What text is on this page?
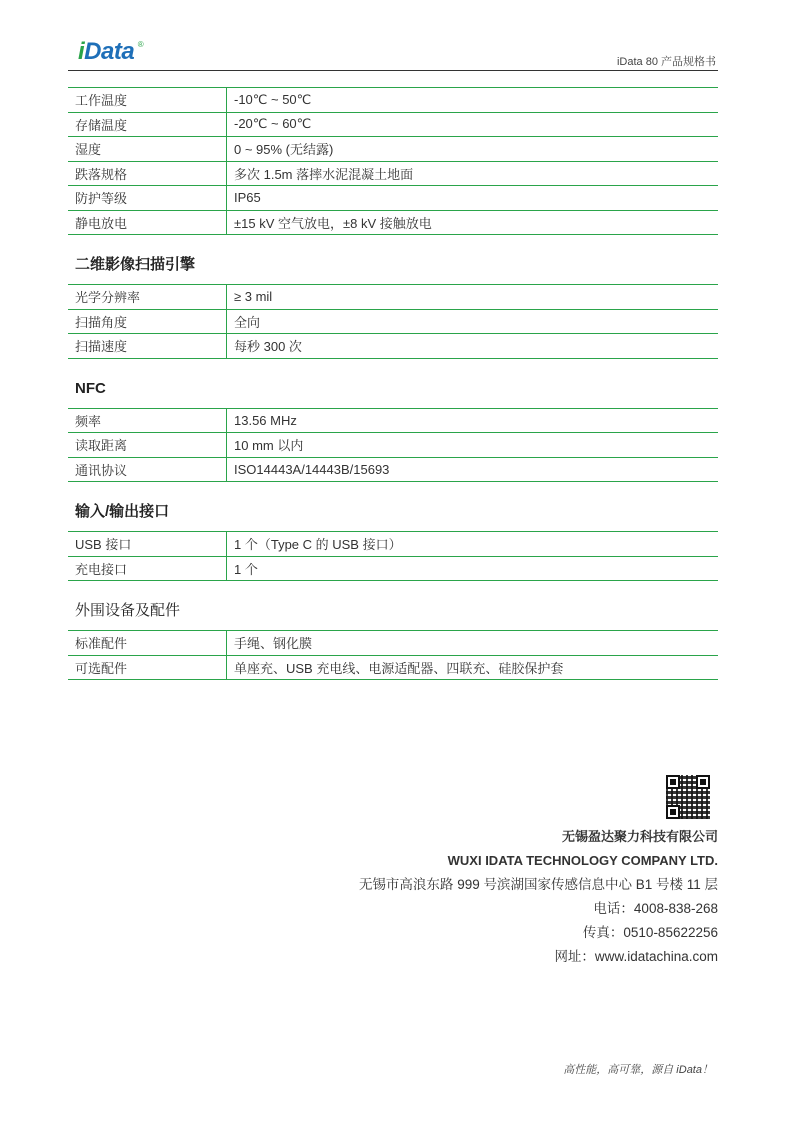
iData ®
iData 80 产品规格书
工作温度	-10℃ ~ 50℃
存储温度	-20℃ ~ 60℃
湿度	0 ~ 95% (无结露)
跌落规格	多次 1.5m 落摔水泥混凝土地面
防护等级	IP65
静电放电	±15 kV 空气放电，±8 kV 接触放电
二维影像扫描引擎
光学分辨率	≥ 3 mil
扫描角度	全向
扫描速度	每秒 300 次
NFC
频率	13.56 MHz
读取距离	10 mm 以内
通讯协议	ISO14443A/14443B/15693
输入/输出接口
USB 接口	1 个（Type C 的 USB 接口）
充电接口	1 个
外围设备及配件
标准配件	手绳、钢化膜
可选配件	单座充、USB 充电线、电源适配器、四联充、硅胶保护套
无锡盈达聚力科技有限公司
WUXI IDATA TECHNOLOGY COMPANY LTD.
无锡市高浪东路 999 号滨湖国家传感信息中心 B1 号楼 11 层
电话：4008-838-268
传真：0510-85622256
网址：www.idatachina.com
高性能，高可靠，源自 iData！
